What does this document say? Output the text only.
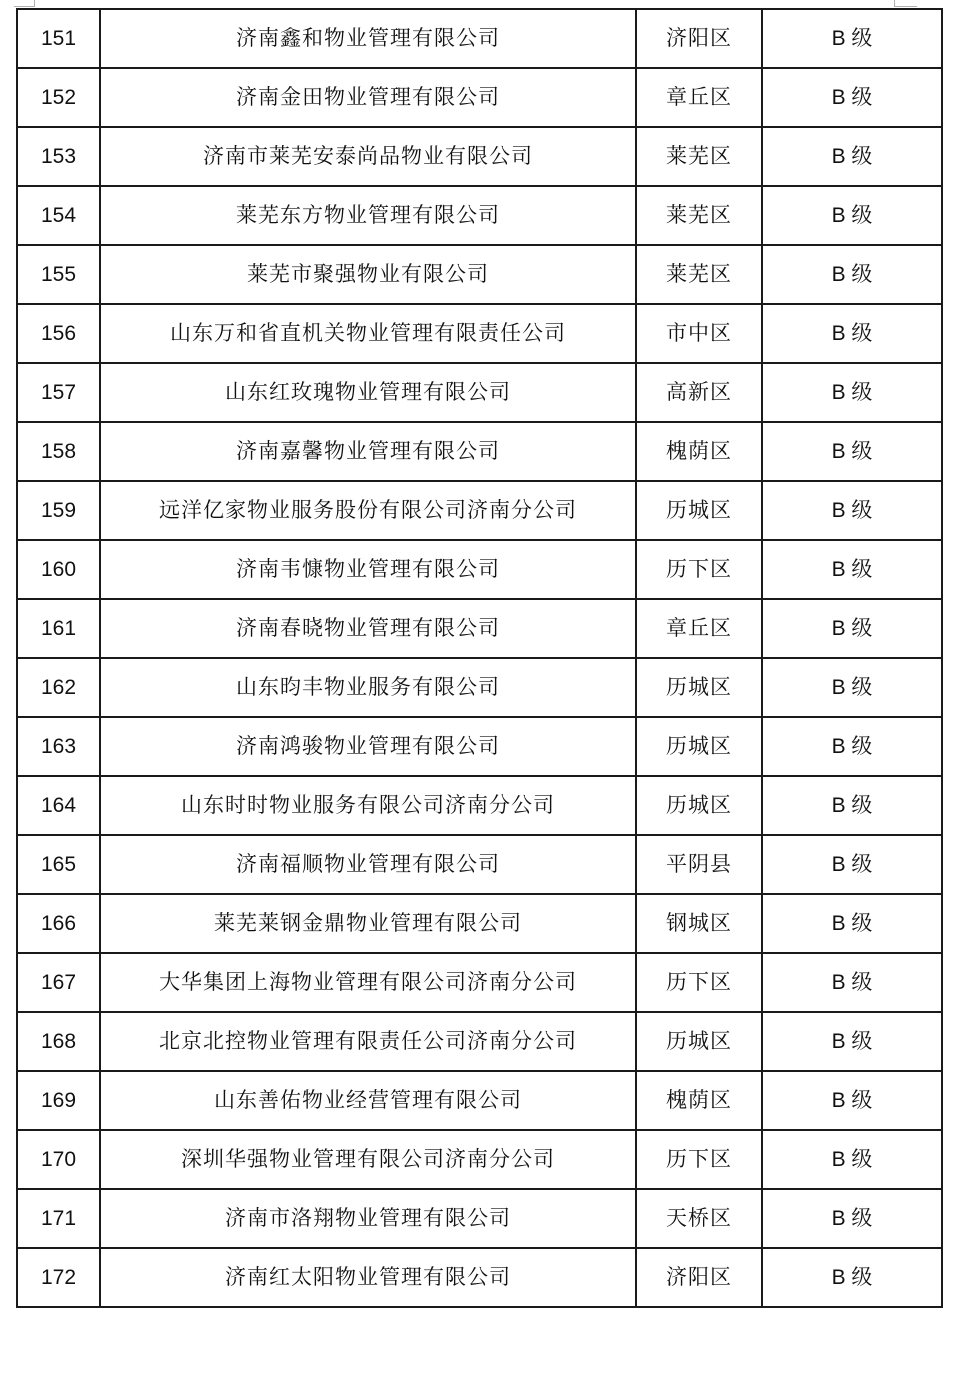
151	济南鑫和物业管理有限公司	济阳区	B 级
152	济南金田物业管理有限公司	章丘区	B 级
153	济南市莱芜安泰尚品物业有限公司	莱芜区	B 级
154	莱芜东方物业管理有限公司	莱芜区	B 级
155	莱芜市聚强物业有限公司	莱芜区	B 级
156	山东万和省直机关物业管理有限责任公司	市中区	B 级
157	山东红玫瑰物业管理有限公司	高新区	B 级
158	济南嘉馨物业管理有限公司	槐荫区	B 级
159	远洋亿家物业服务股份有限公司济南分公司	历城区	B 级
160	济南韦慷物业管理有限公司	历下区	B 级
161	济南春晓物业管理有限公司	章丘区	B 级
162	山东昀丰物业服务有限公司	历城区	B 级
163	济南鸿骏物业管理有限公司	历城区	B 级
164	山东时时物业服务有限公司济南分公司	历城区	B 级
165	济南福顺物业管理有限公司	平阴县	B 级
166	莱芜莱钢金鼎物业管理有限公司	钢城区	B 级
167	大华集团上海物业管理有限公司济南分公司	历下区	B 级
168	北京北控物业管理有限责任公司济南分公司	历城区	B 级
169	山东善佑物业经营管理有限公司	槐荫区	B 级
170	深圳华强物业管理有限公司济南分公司	历下区	B 级
171	济南市洛翔物业管理有限公司	天桥区	B 级
172	济南红太阳物业管理有限公司	济阳区	B 级
